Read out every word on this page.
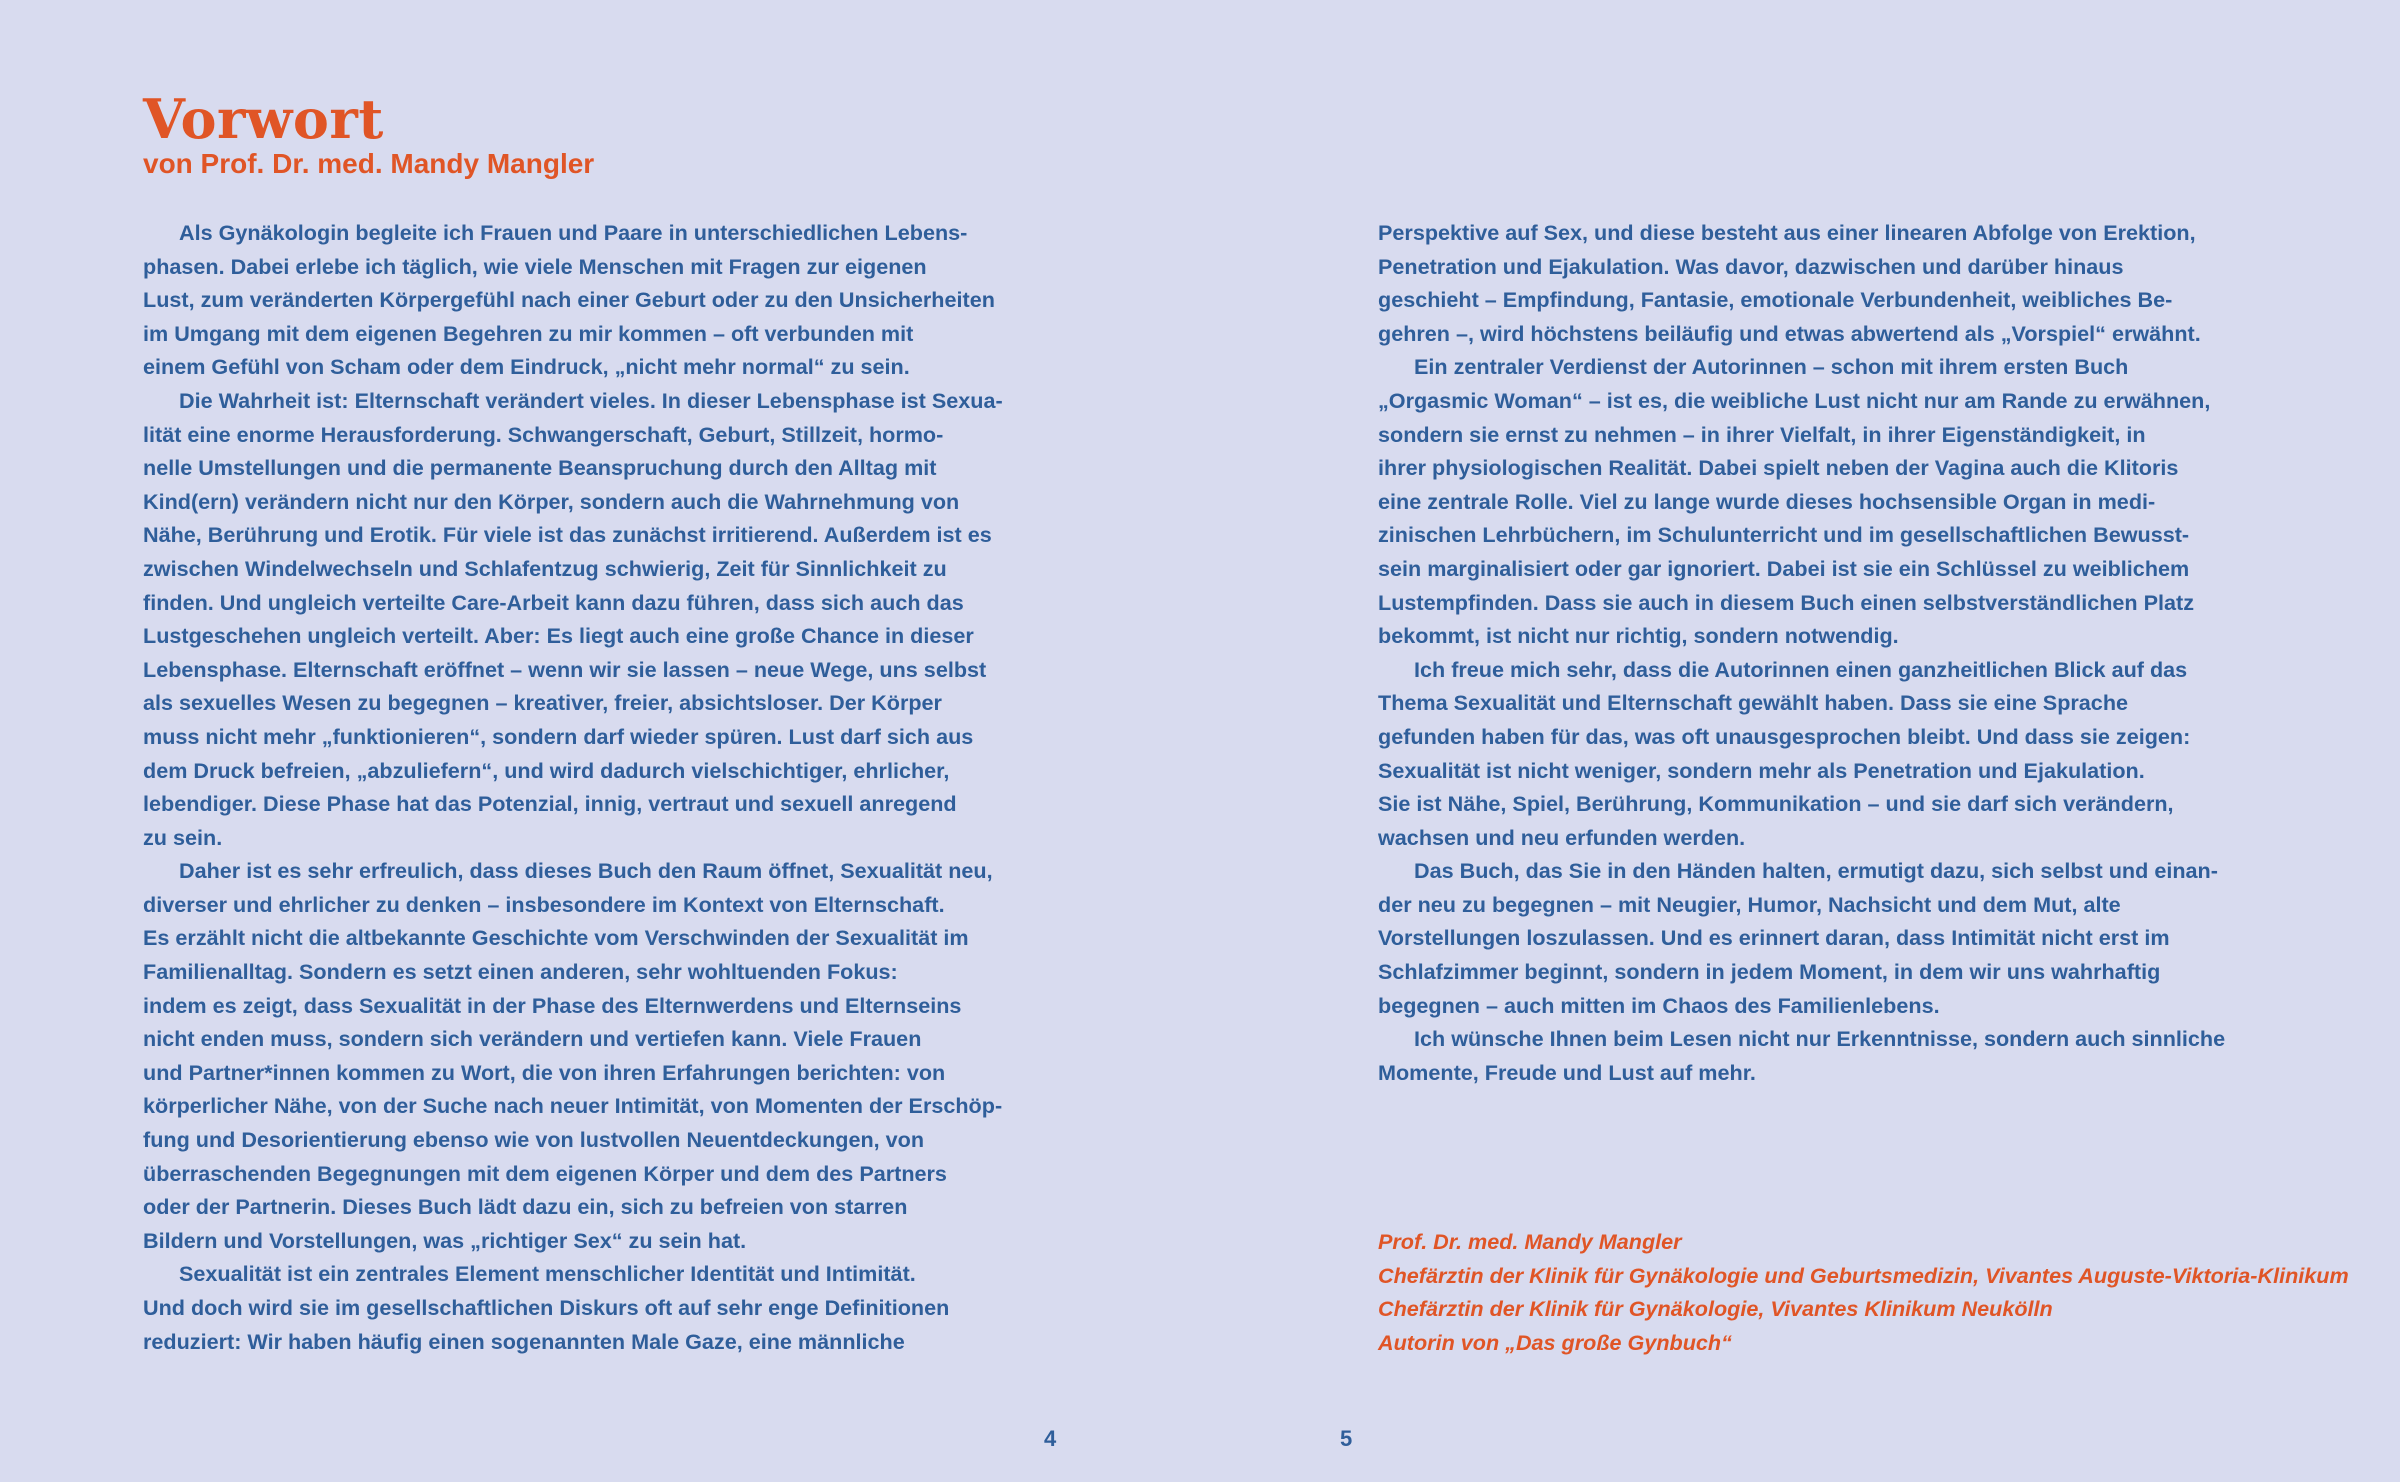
Vorwort
von Prof. Dr. med. Mandy Mangler
Als Gynäkologin begleite ich Frauen und Paare in unterschiedlichen Lebens-
phasen. Dabei erlebe ich täglich, wie viele Menschen mit Fragen zur eigenen
Lust, zum veränderten Körpergefühl nach einer Geburt oder zu den Unsicherheiten
im Umgang mit dem eigenen Begehren zu mir kommen – oft verbunden mit
einem Gefühl von Scham oder dem Eindruck, „nicht mehr normal“ zu sein.
Die Wahrheit ist: Elternschaft verändert vieles. In dieser Lebensphase ist Sexua-
lität eine enorme Herausforderung. Schwangerschaft, Geburt, Stillzeit, hormo-
nelle Umstellungen und die permanente Beanspruchung durch den Alltag mit
Kind(ern) verändern nicht nur den Körper, sondern auch die Wahrnehmung von
Nähe, Berührung und Erotik. Für viele ist das zunächst irritierend. Außerdem ist es
zwischen Windelwechseln und Schlafentzug schwierig, Zeit für Sinnlichkeit zu
finden. Und ungleich verteilte Care-Arbeit kann dazu führen, dass sich auch das
Lustgeschehen ungleich verteilt. Aber: Es liegt auch eine große Chance in dieser
Lebensphase. Elternschaft eröffnet – wenn wir sie lassen – neue Wege, uns selbst
als sexuelles Wesen zu begegnen – kreativer, freier, absichtsloser. Der Körper
muss nicht mehr „funktionieren“, sondern darf wieder spüren. Lust darf sich aus
dem Druck befreien, „abzuliefern“, und wird dadurch vielschichtiger, ehrlicher,
lebendiger. Diese Phase hat das Potenzial, innig, vertraut und sexuell anregend
zu sein.
Daher ist es sehr erfreulich, dass dieses Buch den Raum öffnet, Sexualität neu,
diverser und ehrlicher zu denken – insbesondere im Kontext von Elternschaft.
Es erzählt nicht die altbekannte Geschichte vom Verschwinden der Sexualität im
Familienalltag. Sondern es setzt einen anderen, sehr wohltuenden Fokus:
indem es zeigt, dass Sexualität in der Phase des Elternwerdens und Elternseins
nicht enden muss, sondern sich verändern und vertiefen kann. Viele Frauen
und Partner*innen kommen zu Wort, die von ihren Erfahrungen berichten: von
körperlicher Nähe, von der Suche nach neuer Intimität, von Momenten der Erschöp-
fung und Desorientierung ebenso wie von lustvollen Neuentdeckungen, von
überraschenden Begegnungen mit dem eigenen Körper und dem des Partners
oder der Partnerin. Dieses Buch lädt dazu ein, sich zu befreien von starren
Bildern und Vorstellungen, was „richtiger Sex“ zu sein hat.
Sexualität ist ein zentrales Element menschlicher Identität und Intimität.
Und doch wird sie im gesellschaftlichen Diskurs oft auf sehr enge Definitionen
reduziert: Wir haben häufig einen sogenannten Male Gaze, eine männliche
4
Perspektive auf Sex, und diese besteht aus einer linearen Abfolge von Erektion,
Penetration und Ejakulation. Was davor, dazwischen und darüber hinaus
geschieht – Empfindung, Fantasie, emotionale Verbundenheit, weibliches Be-
gehren –, wird höchstens beiläufig und etwas abwertend als „Vorspiel“ erwähnt.
Ein zentraler Verdienst der Autorinnen – schon mit ihrem ersten Buch
„Orgasmic Woman“ – ist es, die weibliche Lust nicht nur am Rande zu erwähnen,
sondern sie ernst zu nehmen – in ihrer Vielfalt, in ihrer Eigenständigkeit, in
ihrer physiologischen Realität. Dabei spielt neben der Vagina auch die Klitoris
eine zentrale Rolle. Viel zu lange wurde dieses hochsensible Organ in medi-
zinischen Lehrbüchern, im Schulunterricht und im gesellschaftlichen Bewusst-
sein marginalisiert oder gar ignoriert. Dabei ist sie ein Schlüssel zu weiblichem
Lustempfinden. Dass sie auch in diesem Buch einen selbstverständlichen Platz
bekommt, ist nicht nur richtig, sondern notwendig.
Ich freue mich sehr, dass die Autorinnen einen ganzheitlichen Blick auf das
Thema Sexualität und Elternschaft gewählt haben. Dass sie eine Sprache
gefunden haben für das, was oft unausgesprochen bleibt. Und dass sie zeigen:
Sexualität ist nicht weniger, sondern mehr als Penetration und Ejakulation.
Sie ist Nähe, Spiel, Berührung, Kommunikation – und sie darf sich verändern,
wachsen und neu erfunden werden.
Das Buch, das Sie in den Händen halten, ermutigt dazu, sich selbst und einan-
der neu zu begegnen – mit Neugier, Humor, Nachsicht und dem Mut, alte
Vorstellungen loszulassen. Und es erinnert daran, dass Intimität nicht erst im
Schlafzimmer beginnt, sondern in jedem Moment, in dem wir uns wahrhaftig
begegnen – auch mitten im Chaos des Familienlebens.
Ich wünsche Ihnen beim Lesen nicht nur Erkenntnisse, sondern auch sinnliche
Momente, Freude und Lust auf mehr.
Prof. Dr. med. Mandy Mangler
Chefärztin der Klinik für Gynäkologie und Geburtsmedizin, Vivantes Auguste-Viktoria-Klinikum
Chefärztin der Klinik für Gynäkologie, Vivantes Klinikum Neukölln
Autorin von „Das große Gynbuch“
5
